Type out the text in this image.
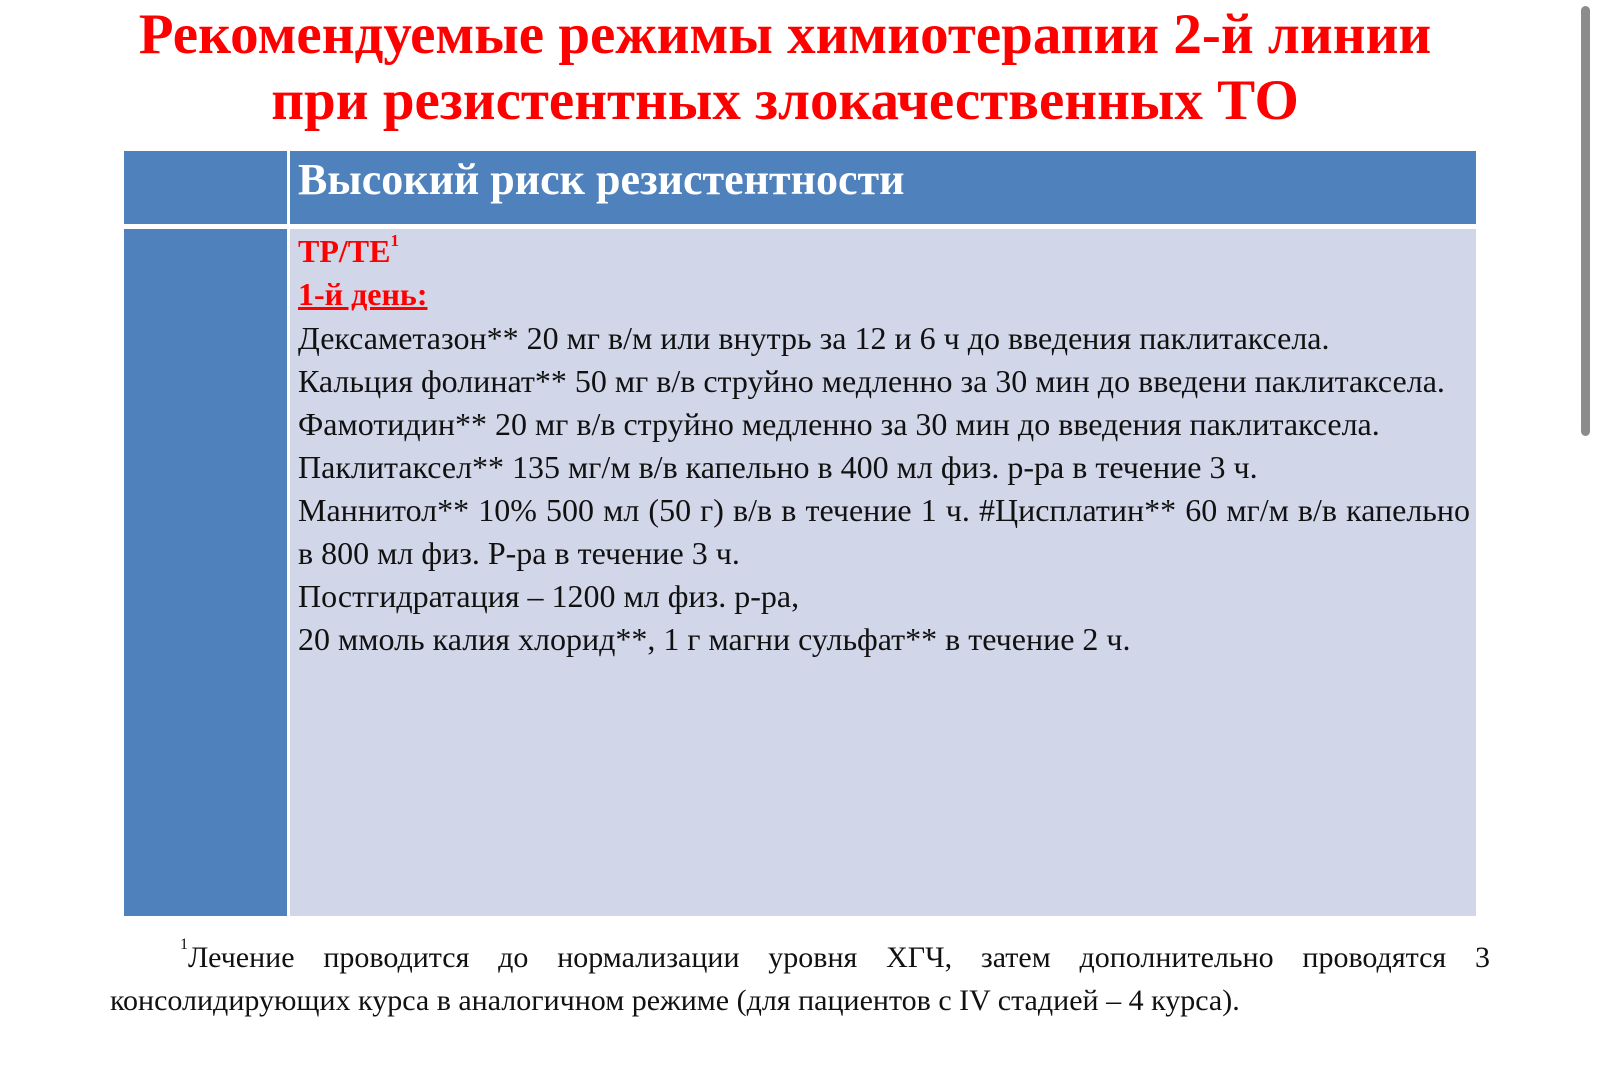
Рекомендуемые режимы химиотерапии 2-й линии
при резистентных злокачественных ТО
Высокий риск резистентности
$TP/TE^1$
1-й день:
Дексаметазон** 20 мг в/м или внутрь за 12 и 6 ч до введения паклитаксела.
Кальция фолинат** 50 мг в/в струйно медленно за 30 мин до введени паклитаксела.
Фамотидин** 20 мг в/в струйно медленно за 30 мин до введения паклитаксела.
Паклитаксел** 135 мг/м в/в капельно в 400 мл физ. р-ра в течение 3 ч.
Маннитол** 10% 500 мл (50 г) в/в в течение 1 ч. #Цисплатин** 60 мг/м в/в капельно в 800 мл физ. Р-ра в течение 3 ч.
Постгидратация – 1200 мл физ. р-ра,
20 ммоль калия хлорид**, 1 г магни сульфат** в течение 2 ч.

$^1$Лечение проводится до нормализации уровня ХГЧ, затем дополнительно проводятся 3 консолидирующих курса в аналогичном режиме (для пациентов с IV стадией – 4 курса).
